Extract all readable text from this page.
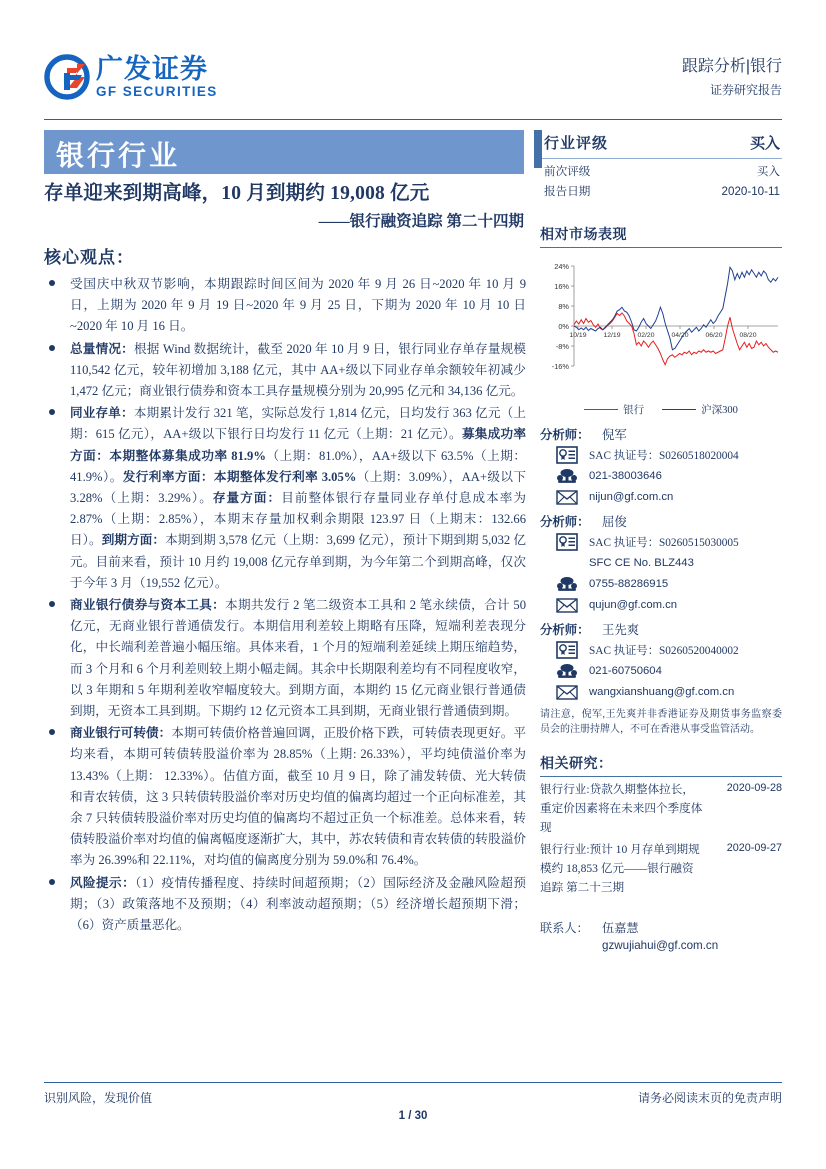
广发证券
GF SECURITIES
跟踪分析|银行
证券研究报告
银行行业
存单迎来到期高峰，10 月到期约 19,008 亿元
——银行融资追踪 第二十四期
核心观点：

受国庆中秋双节影响，本期跟踪时间区间为 2020 年 9 月 26 日~2020 年 10 月 9 日，上期为 2020 年 9 月 19 日~2020 年 9 月 25 日，下期为 2020 年 10 月 10 日~2020 年 10 月 16 日。

总量情况：根据 Wind 数据统计，截至 2020 年 10 月 9 日，银行同业存单存量规模 110,542 亿元，较年初增加 3,188 亿元，其中 AA+级以下同业存单余额较年初减少 1,472 亿元；商业银行债券和资本工具存量规模分别为 20,995 亿元和 34,136 亿元。

同业存单：本期累计发行 321 笔，实际总发行 1,814 亿元，日均发行 363 亿元（上期：615 亿元），AA+级以下银行日均发行 11 亿元（上期：21 亿元）。募集成功率方面：本期整体募集成功率 81.9%（上期：81.0%），AA+级以下 63.5%（上期：41.9%）。发行利率方面：本期整体发行利率 3.05%（上期：3.09%），AA+级以下 3.28%（上期：3.29%）。存量方面：目前整体银行存量同业存单付息成本率为 2.87%（上期：2.85%），本期末存量加权剩余期限 123.97 日（上期末：132.66 日）。到期方面：本期到期 3,578 亿元（上期：3,699 亿元），预计下期到期 5,032 亿元。目前来看，预计 10 月约 19,008 亿元存单到期，为今年第二个到期高峰，仅次于今年 3 月（19,552 亿元）。

商业银行债券与资本工具：本期共发行 2 笔二级资本工具和 2 笔永续债，合计 50 亿元，无商业银行普通债发行。本期信用利差较上期略有压降，短端利差表现分化，中长端利差普遍小幅压缩。具体来看，1 个月的短端利差延续上期压缩趋势，而 3 个月和 6 个月利差则较上期小幅走阔。其余中长期限利差均有不同程度收窄，以 3 年期和 5 年期利差收窄幅度较大。到期方面，本期约 15 亿元商业银行普通债到期，无资本工具到期。下期约 12 亿元资本工具到期，无商业银行普通债到期。

商业银行可转债：本期可转债价格普遍回调，正股价格下跌，可转债表现更好。平均来看，本期可转债转股溢价率为 28.85%（上期: 26.33%），平均纯债溢价率为 13.43%（上期： 12.33%）。估值方面，截至 10 月 9 日，除了浦发转债、光大转债和青农转债，这 3 只转债转股溢价率对历史均值的偏离均超过一个正向标准差，其余 7 只转债转股溢价率对历史均值的偏离均不超过正负一个标准差。总体来看，转债转股溢价率对均值的偏离幅度逐渐扩大，其中，苏农转债和青农转债的转股溢价率为 26.39%和 22.11%，对均值的偏离度分别为 59.0%和 76.4%。

风险提示：（1）疫情传播程度、持续时间超预期；（2）国际经济及金融风险超预期；（3）政策落地不及预期；（4）利率波动超预期；（5）经济增长超预期下滑；（6）资产质量恶化。

行业评级	买入
前次评级	买入
报告日期	2020-10-11
相对市场表现
24%
16%
8%
0%
-8%
-16%
10/19 12/19 02/20 04/20 06/20 08/20
银行	沪深300
分析师：	倪军
SAC 执证号：S0260518020004
021-38003646
nijun@gf.com.cn
分析师：	屈俊
SAC 执证号：S0260515030005
SFC CE No. BLZ443
0755-88286915
qujun@gf.com.cn
分析师：	王先爽
SAC 执证号：S0260520040002
021-60750604
wangxianshuang@gf.com.cn
请注意，倪军,王先爽并非香港证券及期货事务监察委员会的注册持牌人，不可在香港从事受监管活动。
相关研究：
银行行业:贷款久期整体拉长，重定价因素将在未来四个季度体现
2020-09-28
银行行业:预计 10 月存单到期规模约 18,853 亿元——银行融资追踪 第二十三期
2020-09-27
联系人：	伍嘉慧
gzwujiahui@gf.com.cn
识别风险，发现价值	请务必阅读末页的免责声明
1 / 30
